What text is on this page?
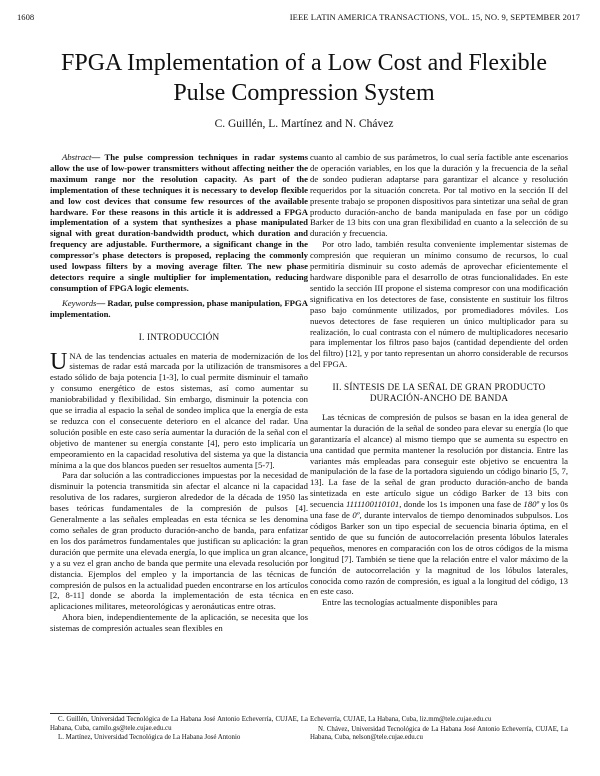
1608	IEEE LATIN AMERICA TRANSACTIONS, VOL. 15, NO. 9, SEPTEMBER 2017
FPGA Implementation of a Low Cost and Flexible
Pulse Compression System
C. Guillén, L. Martínez and N. Chávez

Abstract— The pulse compression techniques in radar systems allow the use of low-power transmitters without affecting neither the maximum range nor the resolution capacity. As part of the implementation of these techniques it is necessary to develop flexible and low cost devices that consume few resources of the available hardware. For these reasons in this article it is addressed a FPGA implementation of a system that synthesizes a phase manipulated signal with great duration-bandwidth product, which duration and frequency are adjustable. Furthermore, a significant change in the compressor's phase detectors is proposed, replacing the commonly used lowpass filters by a moving average filter. The new phase detectors require a single multiplier for implementation, reducing consumption of FPGA logic elements.

Keywords— Radar, pulse compression, phase manipulation, FPGA implementation.

I. INTRODUCCIÓN

UNA de las tendencias actuales en materia de modernización de los sistemas de radar está marcada por la utilización de transmisores a estado sólido de baja potencia [1-3], lo cual permite disminuir el tamaño y consumo energético de estos sistemas, así como aumentar su maniobrabilidad y flexibilidad. Sin embargo, disminuir la potencia con que se irradia al espacio la señal de sondeo implica que la energía de esta se reduzca con el consecuente deterioro en el alcance del radar. Una solución posible en este caso sería aumentar la duración de la señal con el objetivo de mantener su energía constante [4], pero esto implicaría un empeoramiento en la capacidad resolutiva del sistema ya que la distancia mínima a la que dos blancos pueden ser resueltos aumenta [5-7].

Para dar solución a las contradicciones impuestas por la necesidad de disminuir la potencia transmitida sin afectar el alcance ni la capacidad resolutiva de los radares, surgieron alrededor de la década de 1950 las bases teóricas fundamentales de la compresión de pulsos [4]. Generalmente a las señales empleadas en esta técnica se les denomina como señales de gran producto duración-ancho de banda, para enfatizar en los dos parámetros fundamentales que justifican su aplicación: la gran duración que permite una elevada energía, lo que implica un gran alcance, y a su vez el gran ancho de banda que permite una elevada resolución por distancia. Ejemplos del empleo y la importancia de las técnicas de compresión de pulsos en la actualidad pueden encontrarse en los artículos [2, 8-11] donde se aborda la implementación de esta técnica en aplicaciones militares, meteorológicas y aeronáuticas entre otras.

Ahora bien, independientemente de la aplicación, se necesita que los sistemas de compresión actuales sean flexibles en

cuanto al cambio de sus parámetros, lo cual sería factible ante escenarios de operación variables, en los que la duración y la frecuencia de la señal de sondeo pudieran adaptarse para garantizar el alcance y resolución requeridos por la situación concreta. Por tal motivo en la sección II del presente trabajo se proponen dispositivos para sintetizar una señal de gran producto duración-ancho de banda manipulada en fase por un código Barker de 13 bits con una gran flexibilidad en cuanto a la selección de su duración y frecuencia.

Por otro lado, también resulta conveniente implementar sistemas de compresión que requieran un mínimo consumo de recursos, lo cual permitiría disminuir su costo además de aprovechar eficientemente el hardware disponible para el desarrollo de otras funcionalidades. En este sentido la sección III propone el sistema compresor con una modificación significativa en los detectores de fase, consistente en sustituir los filtros paso bajo comúnmente utilizados, por promediadores móviles. Los nuevos detectores de fase requieren un único multiplicador para su realización, lo cual contrasta con el número de multiplicadores necesario para implementar los filtros paso bajos (cantidad dependiente del orden del filtro) [12], y por tanto representan un ahorro considerable de recursos del FPGA.

II. SÍNTESIS DE LA SEÑAL DE GRAN PRODUCTO
DURACIÓN-ANCHO DE BANDA

Las técnicas de compresión de pulsos se basan en la idea general de aumentar la duración de la señal de sondeo para elevar su energía (lo que garantizaría el alcance) al mismo tiempo que se aumenta su espectro en una cantidad que permita mantener la resolución por distancia. Entre las variantes más empleadas para conseguir este objetivo se encuentra la manipulación de la fase de la portadora siguiendo un código binario [5, 7, 13]. La fase de la señal de gran producto duración-ancho de banda sintetizada en este artículo sigue un código Barker de 13 bits con secuencia 1111100110101, donde los 1s imponen una fase de 180º y los 0s una fase de 0º, durante intervalos de tiempo denominados subpulsos. Los códigos Barker son un tipo especial de secuencia binaria óptima, en el sentido de que su función de autocorrelación presenta lóbulos laterales pequeños, menores en comparación con los de otros códigos de la misma longitud [7]. También se tiene que la relación entre el valor máximo de la función de autocorrelación y la magnitud de los lóbulos laterales, conocida como razón de compresión, es igual a la longitud del código, 13 en este caso.

Entre las tecnologías actualmente disponibles para

C. Guillén, Universidad Tecnológica de La Habana José Antonio Echeverría, CUJAE, La Habana, Cuba, camilo.gs@tele.cujae.edu.cu

L. Martínez, Universidad Tecnológica de La Habana José Antonio

Echeverría, CUJAE, La Habana, Cuba, liz.mm@tele.cujae.edu.cu

N. Chávez, Universidad Tecnológica de La Habana José Antonio Echeverría, CUJAE, La Habana, Cuba, nelson@tele.cujae.edu.cu
